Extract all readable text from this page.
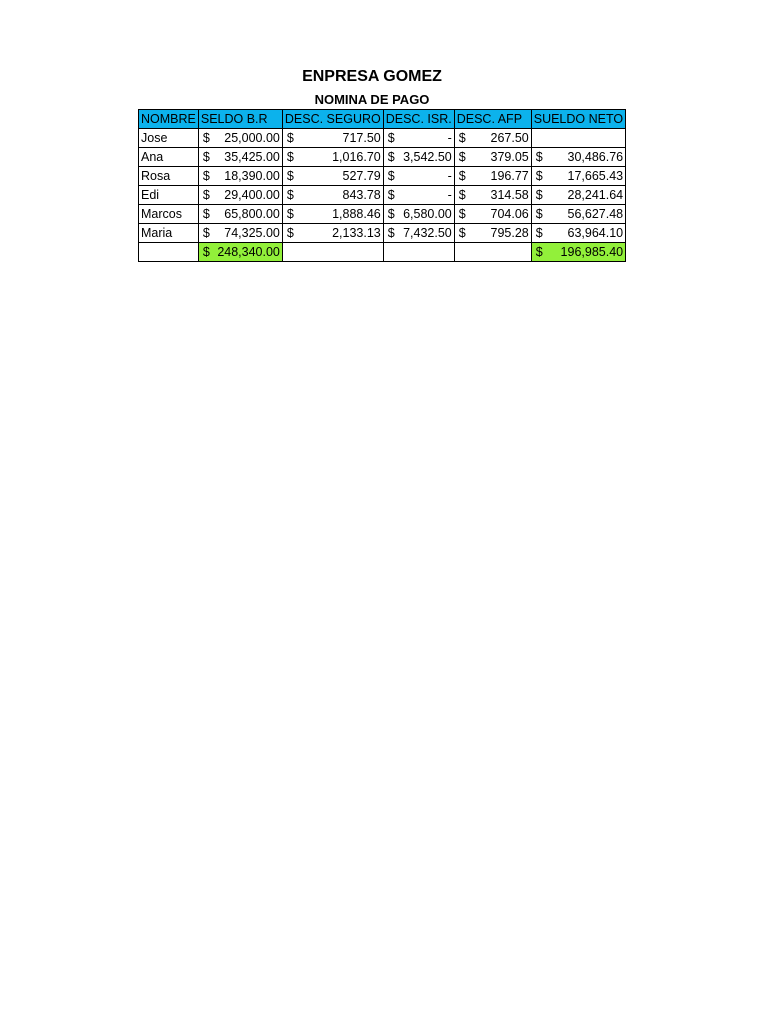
ENPRESA GOMEZ
NOMINA DE PAGO
NOMBRE	SELDO B.R	DESC. SEGURO	DESC. ISR.	DESC. AFP	SUELDO NETO
Jose	$ 25,000.00	$ 717.50	$ -	$ 267.50	

Ana	$ 35,425.00	$ 1,016.70	$ 3,542.50	$ 379.05	$ 30,486.76

Rosa	$ 18,390.00	$ 527.79	$ -	$ 196.77	$ 17,665.43

Edi	$ 29,400.00	$ 843.78	$ -	$ 314.58	$ 28,241.64

Marcos	$ 65,800.00	$ 1,888.46	$ 6,580.00	$ 704.06	$ 56,627.48

Maria	$ 74,325.00	$ 2,133.13	$ 7,432.50	$ 795.28	$ 63,964.10

	$ 248,340.00				$ 196,985.40
